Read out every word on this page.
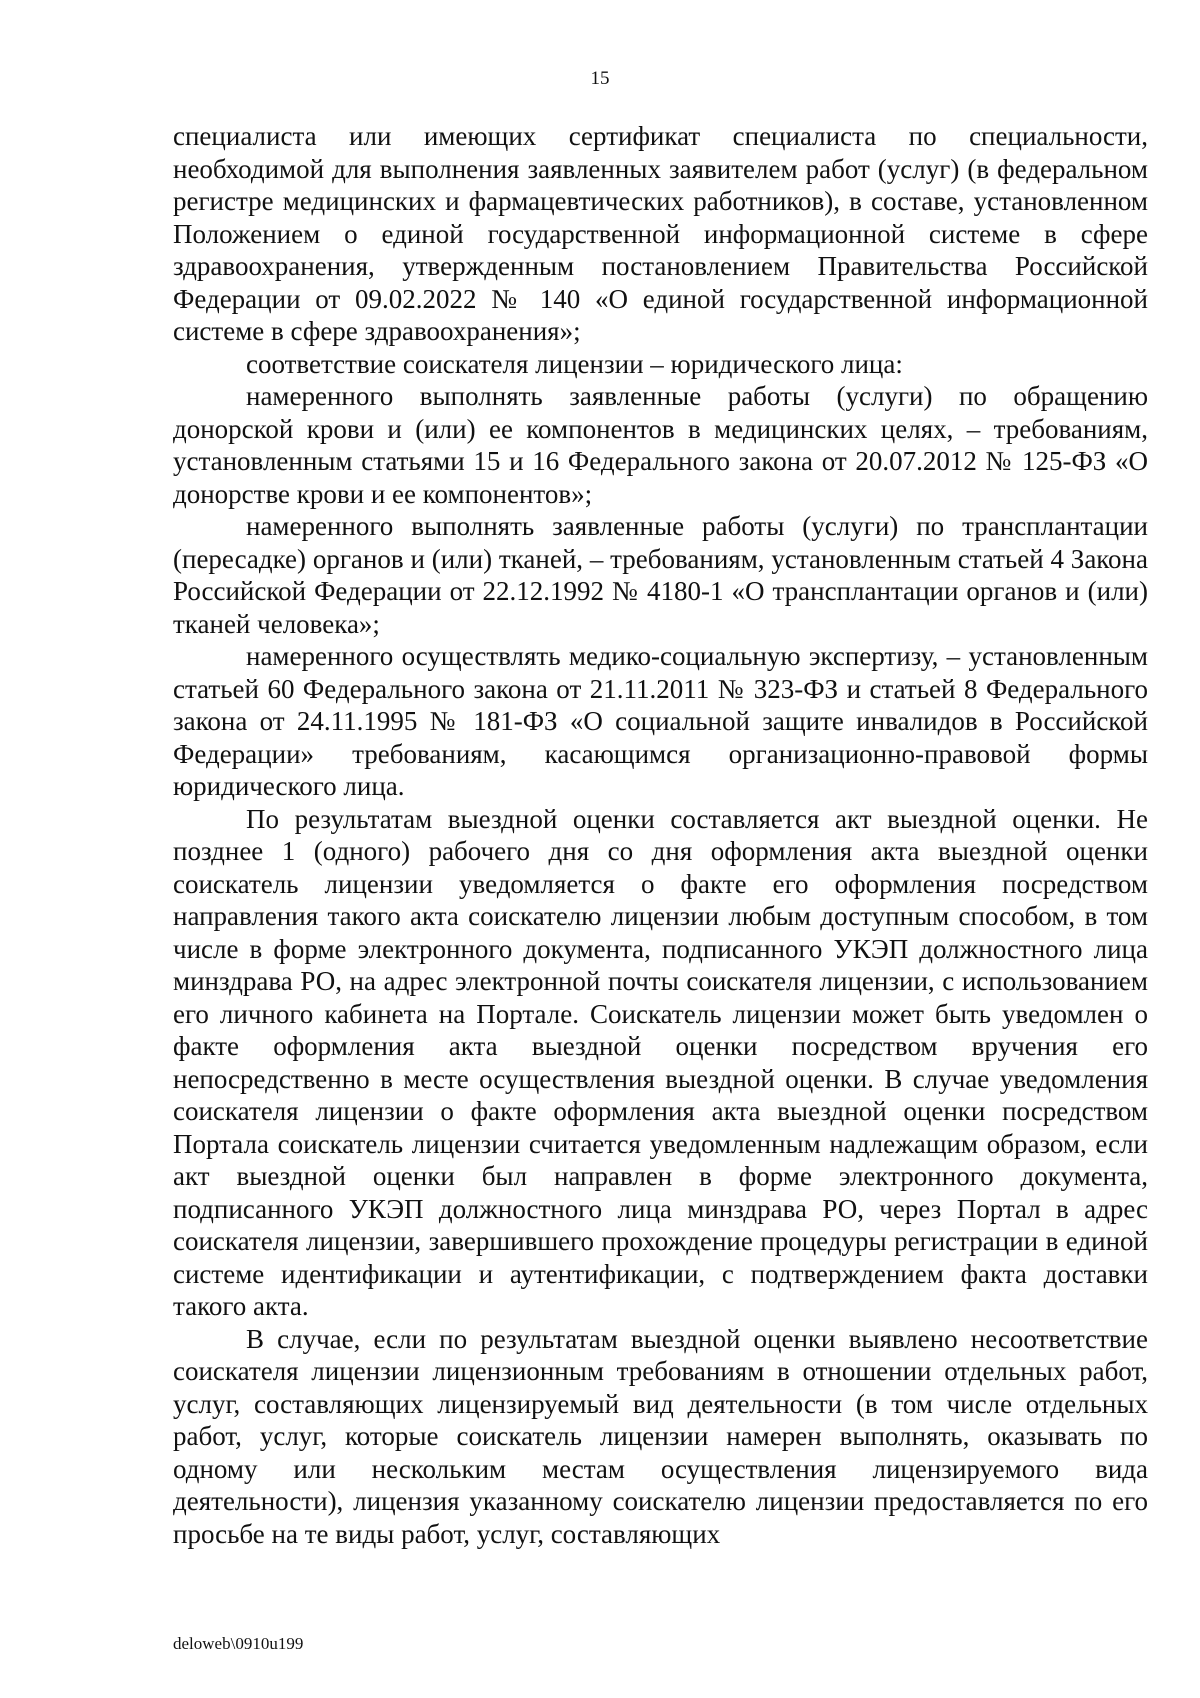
15

специалиста или имеющих сертификат специалиста по специальности, необходимой для выполнения заявленных заявителем работ (услуг) (в федеральном регистре медицинских и фармацевтических работников), в составе, установленном Положением о единой государственной информационной системе в сфере здравоохранения, утвержденным постановлением Правительства Российской Федерации от 09.02.2022 № 140 «О единой государственной информационной системе в сфере здравоохранения»;

соответствие соискателя лицензии – юридического лица:

намеренного выполнять заявленные работы (услуги) по обращению донорской крови и (или) ее компонентов в медицинских целях, – требованиям, установленным статьями 15 и 16 Федерального закона от 20.07.2012 № 125-ФЗ «О донорстве крови и ее компонентов»;

намеренного выполнять заявленные работы (услуги) по трансплантации (пересадке) органов и (или) тканей, – требованиям, установленным статьей 4 Закона Российской Федерации от 22.12.1992 № 4180-1 «О трансплантации органов и (или) тканей человека»;

намеренного осуществлять медико-социальную экспертизу, – установленным статьей 60 Федерального закона от 21.11.2011 № 323-ФЗ и статьей 8 Федерального закона от 24.11.1995 № 181-ФЗ «О социальной защите инвалидов в Российской Федерации» требованиям, касающимся организационно-правовой формы юридического лица.

По результатам выездной оценки составляется акт выездной оценки. Не позднее 1 (одного) рабочего дня со дня оформления акта выездной оценки соискатель лицензии уведомляется о факте его оформления посредством направления такого акта соискателю лицензии любым доступным способом, в том числе в форме электронного документа, подписанного УКЭП должностного лица минздрава РО, на адрес электронной почты соискателя лицензии, с использованием его личного кабинета на Портале. Соискатель лицензии может быть уведомлен о факте оформления акта выездной оценки посредством вручения его непосредственно в месте осуществления выездной оценки. В случае уведомления соискателя лицензии о факте оформления акта выездной оценки посредством Портала соискатель лицензии считается уведомленным надлежащим образом, если акт выездной оценки был направлен в форме электронного документа, подписанного УКЭП должностного лица минздрава РО, через Портал в адрес соискателя лицензии, завершившего прохождение процедуры регистрации в единой системе идентификации и аутентификации, с подтверждением факта доставки такого акта.

В случае, если по результатам выездной оценки выявлено несоответствие соискателя лицензии лицензионным требованиям в отношении отдельных работ, услуг, составляющих лицензируемый вид деятельности (в том числе отдельных работ, услуг, которые соискатель лицензии намерен выполнять, оказывать по одному или нескольким местам осуществления лицензируемого вида деятельности), лицензия указанному соискателю лицензии предоставляется по его просьбе на те виды работ, услуг, составляющих

deloweb\0910u199
